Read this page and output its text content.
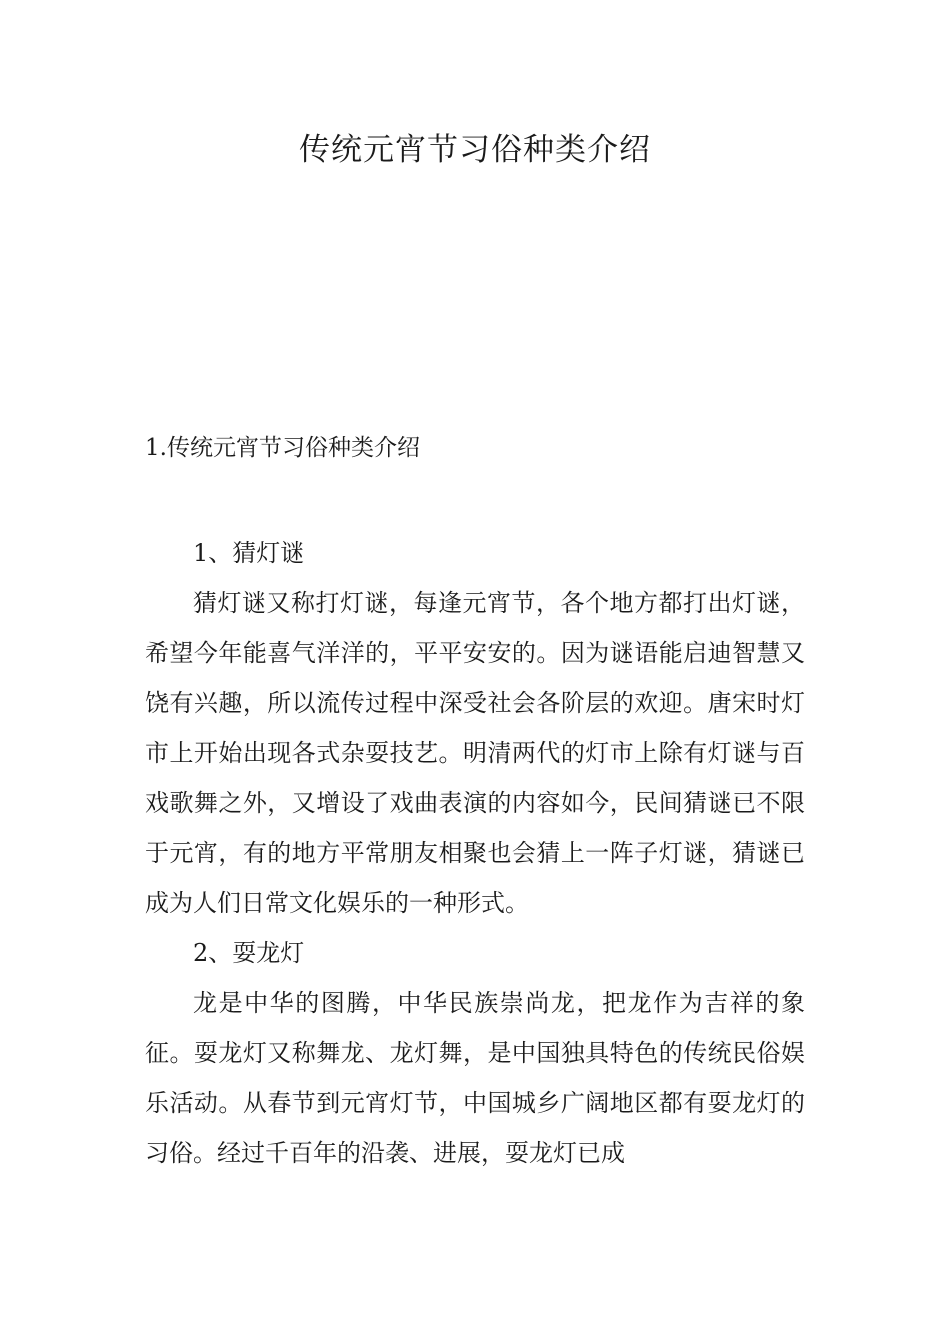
传统元宵节习俗种类介绍
1.传统元宵节习俗种类介绍

1、猜灯谜

猜灯谜又称打灯谜，每逢元宵节，各个地方都打出灯谜，希望今年能喜气洋洋的，平平安安的。因为谜语能启迪智慧又饶有兴趣，所以流传过程中深受社会各阶层的欢迎。唐宋时灯市上开始出现各式杂耍技艺。明清两代的灯市上除有灯谜与百戏歌舞之外，又增设了戏曲表演的内容如今，民间猜谜已不限于元宵，有的地方平常朋友相聚也会猜上一阵子灯谜，猜谜已成为人们日常文化娱乐的一种形式。

2、耍龙灯

龙是中华的图腾，中华民族崇尚龙，把龙作为吉祥的象征。耍龙灯又称舞龙、龙灯舞，是中国独具特色的传统民俗娱乐活动。从春节到元宵灯节，中国城乡广阔地区都有耍龙灯的习俗。经过千百年的沿袭、进展，耍龙灯已成
